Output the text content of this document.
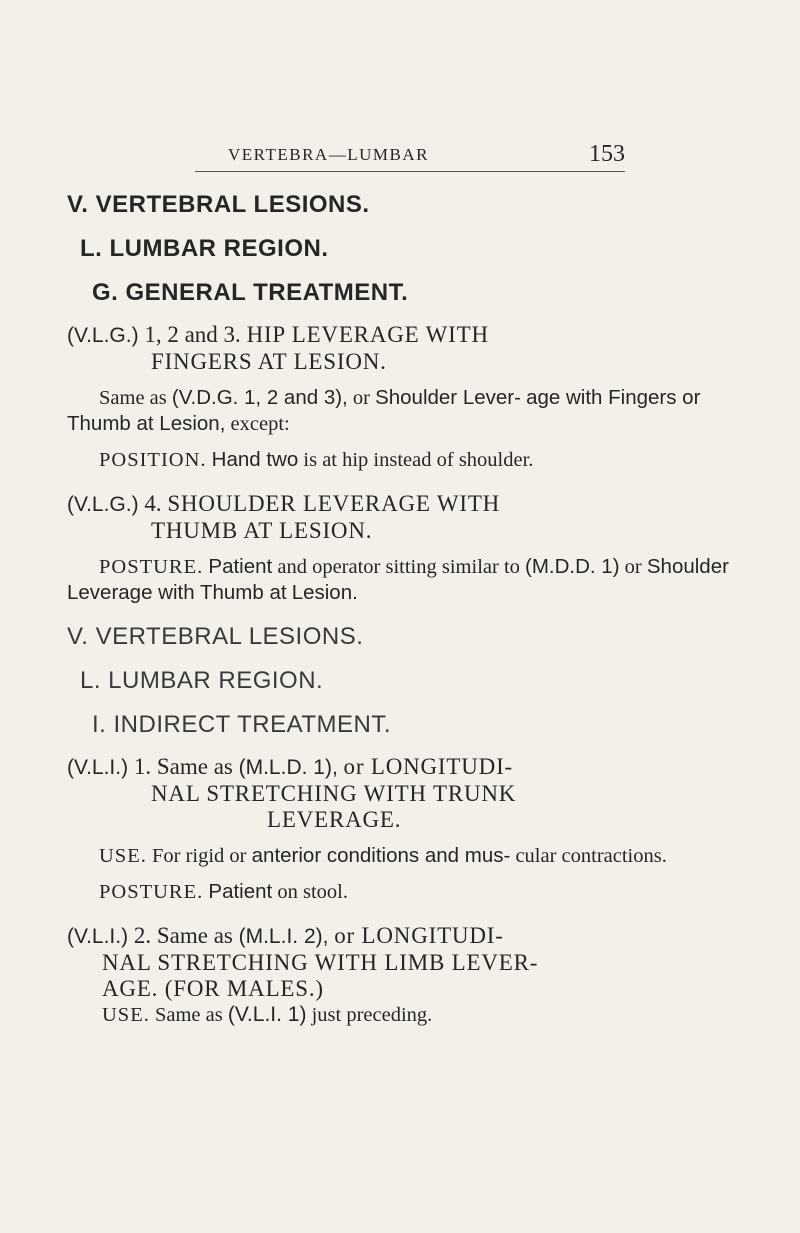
VERTEBRA—LUMBAR	153
V. VERTEBRAL LESIONS.
L. LUMBAR REGION.
G. GENERAL TREATMENT.
(V.L.G.) 1, 2 and 3. HIP LEVERAGE WITH
FINGERS AT LESION.
Same as (V.D.G. 1, 2 and 3), or Shoulder Lever- age with Fingers or Thumb at Lesion, except:
POSITION. Hand two is at hip instead of shoulder.
(V.L.G.) 4. SHOULDER LEVERAGE WITH
THUMB AT LESION.
POSTURE. Patient and operator sitting similar to (M.D.D. 1) or Shoulder Leverage with Thumb at Lesion.
V. VERTEBRAL LESIONS.
L. LUMBAR REGION.
I. INDIRECT TREATMENT.
(V.L.I.) 1. Same as (M.L.D. 1), or LONGITUDI-
NAL STRETCHING WITH TRUNK
LEVERAGE.
USE. For rigid or anterior conditions and mus- cular contractions.
POSTURE. Patient on stool.
(V.L.I.) 2. Same as (M.L.I. 2), or LONGITUDI-
NAL STRETCHING WITH LIMB LEVER-
AGE. (FOR MALES.)
USE. Same as (V.L.I. 1) just preceding.
